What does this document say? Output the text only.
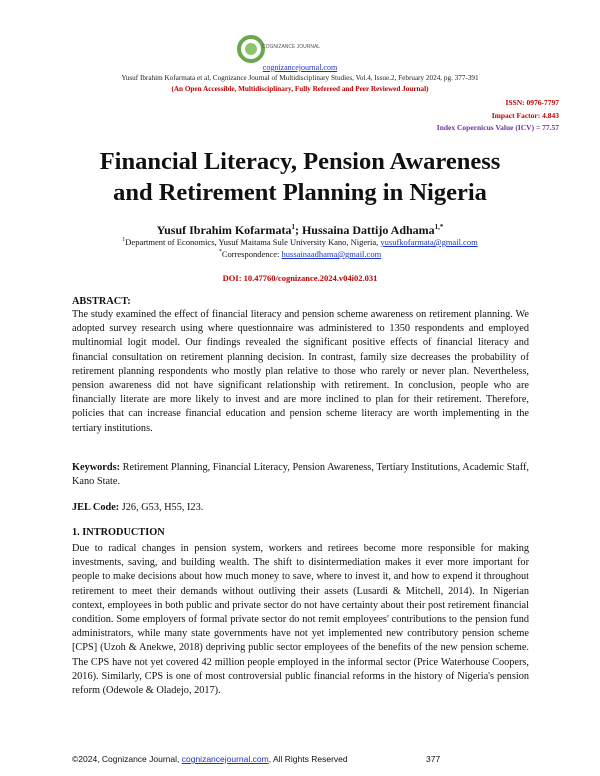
COGNIZANCE JOURNAL
cognizancejournal.com
Yusuf Ibrahim Kofarmata et al, Cognizance Journal of Multidisciplinary Studies, Vol.4, Issue.2, February 2024, pg. 377-391
(An Open Accessible, Multidisciplinary, Fully Refereed and Peer Reviewed Journal)
ISSN: 0976-7797
Impact Factor: 4.843
Index Copernicus Value (ICV) = 77.57
Financial Literacy, Pension Awareness
and Retirement Planning in Nigeria
Yusuf Ibrahim Kofarmata$^1$; Hussaina Dattijo Adhama$^{1,*}$
$^1$Department of Economics, Yusuf Maitama Sule University Kano, Nigeria, yusufkofarmata@gmail.com
*Correspondence: hussainaadhama@gmail.com
DOI: 10.47760/cognizance.2024.v04i02.031
ABSTRACT:
The study examined the effect of financial literacy and pension scheme awareness on retirement planning. We adopted survey research using where questionnaire was administered to 1350 respondents and employed multinomial logit model. Our findings revealed the significant positive effects of financial literacy and financial consultation on retirement planning decision. In contrast, family size decreases the probability of retirement planning respondents who mostly plan relative to those who rarely or never plan. Nevertheless, pension awareness did not have significant relationship with retirement. In conclusion, people who are financially literate are more likely to invest and are more inclined to plan for their retirement. Therefore, policies that can increase financial education and pension scheme literacy are worth implementing in the tertiary institutions.
Keywords: Retirement Planning, Financial Literacy, Pension Awareness, Tertiary Institutions, Academic Staff, Kano State.
JEL Code: J26, G53, H55, I23.
1. INTRODUCTION
Due to radical changes in pension system, workers and retirees become more responsible for making investments, saving, and building wealth. The shift to disintermediation makes it ever more important for people to make decisions about how much money to save, where to invest it, and how to expend it throughout retirement to meet their demands without outliving their assets (Lusardi & Mitchell, 2014). In Nigerian context, employees in both public and private sector do not have certainty about their post retirement financial condition. Some employers of formal private sector do not remit employees' contributions to the pension fund administrators, while many state governments have not yet implemented new contributory pension scheme [CPS] (Uzoh & Anekwe, 2018) depriving public sector employees of the benefits of the new pension scheme. The CPS have not yet covered 42 million people employed in the informal sector (Price Waterhouse Coopers, 2016). Similarly, CPS is one of most controversial public financial reforms in the history of Nigeria's pension reform (Odewole & Oladejo, 2017).
©2024, Cognizance Journal, cognizancejournal.com, All Rights Reserved	377
